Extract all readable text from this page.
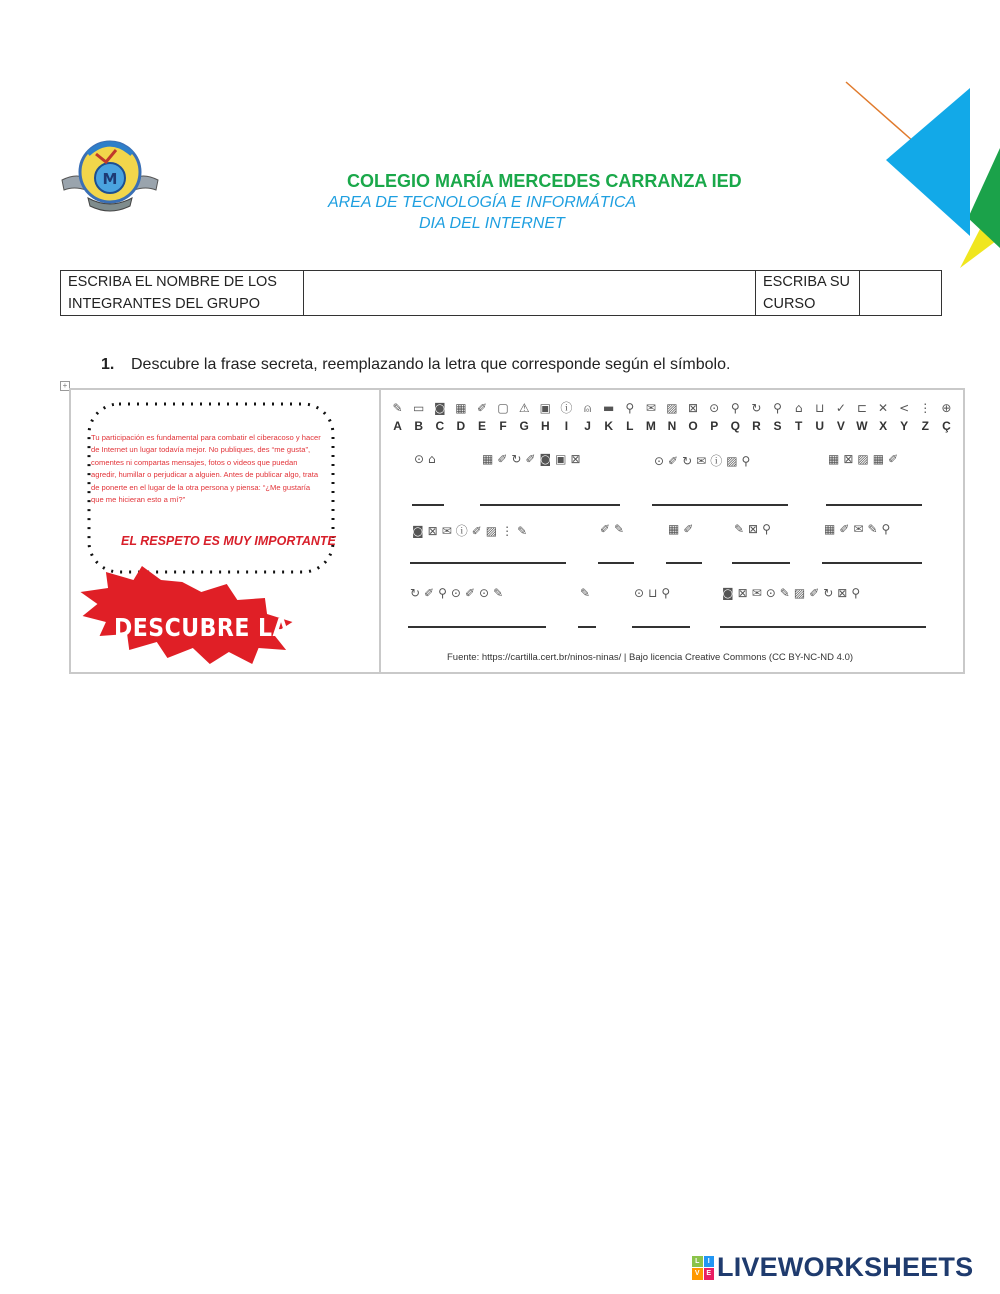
M	COLEGIO MARÍA MERCEDES CARRANZA IED
AREA DE TECNOLOGÍA E INFORMÁTICA
DIA DEL INTERNET
ESCRIBA EL NOMBRE DE LOS
INTEGRANTES DEL GRUPO

ESCRIBA SU
CURSO

1. Descubre la frase secreta, reemplazando la letra que corresponde según el símbolo.
+
Tu participación es fundamental para combatir el ciberacoso y hacer de Internet un lugar todavía mejor. No publiques, des “me gusta”, comentes ni compartas mensajes, fotos o videos que puedan agredir, humillar o perjudicar a alguien. Antes de publicar algo, trata de ponerte en el lugar de la otra persona y piensa: “¿Me gustaría que me hicieran esto a mí?”
EL RESPETO ES MUY IMPORTANTE
DESCUBRE LA FRASE
✎
A
▭
B
◙
C
▦
D
✐
E
▢
F
⚠
G
▣
H
ⓘ
I
⍝
J
▬
K
⚲
L
✉
M
▨
N
⊠
O
⊙
P
⚲
Q
↻
R
⚲
S
⌂
T
⊔
U
✓
V
⊏
W
✕
X
<
Y
⋮
Z
⊕
Ç
⊙⌂	▦✐↻✐◙▣⊠	⊙✐↻✉ⓘ▨⚲	▦⊠▨▦✐
◙⊠✉ⓘ✐▨⋮✎	✐✎	▦✐	✎⊠⚲	▦✐✉✎⚲
↻✐⚲⊙✐⊙✎	✎	⊙⊔⚲	◙⊠✉⊙✎▨✐↻⊠⚲
Fuente: https://cartilla.cert.br/ninos-ninas/ | Bajo licencia Creative Commons (CC BY-NC-ND 4.0)
L	I
V E LIVEWORKSHEETS
